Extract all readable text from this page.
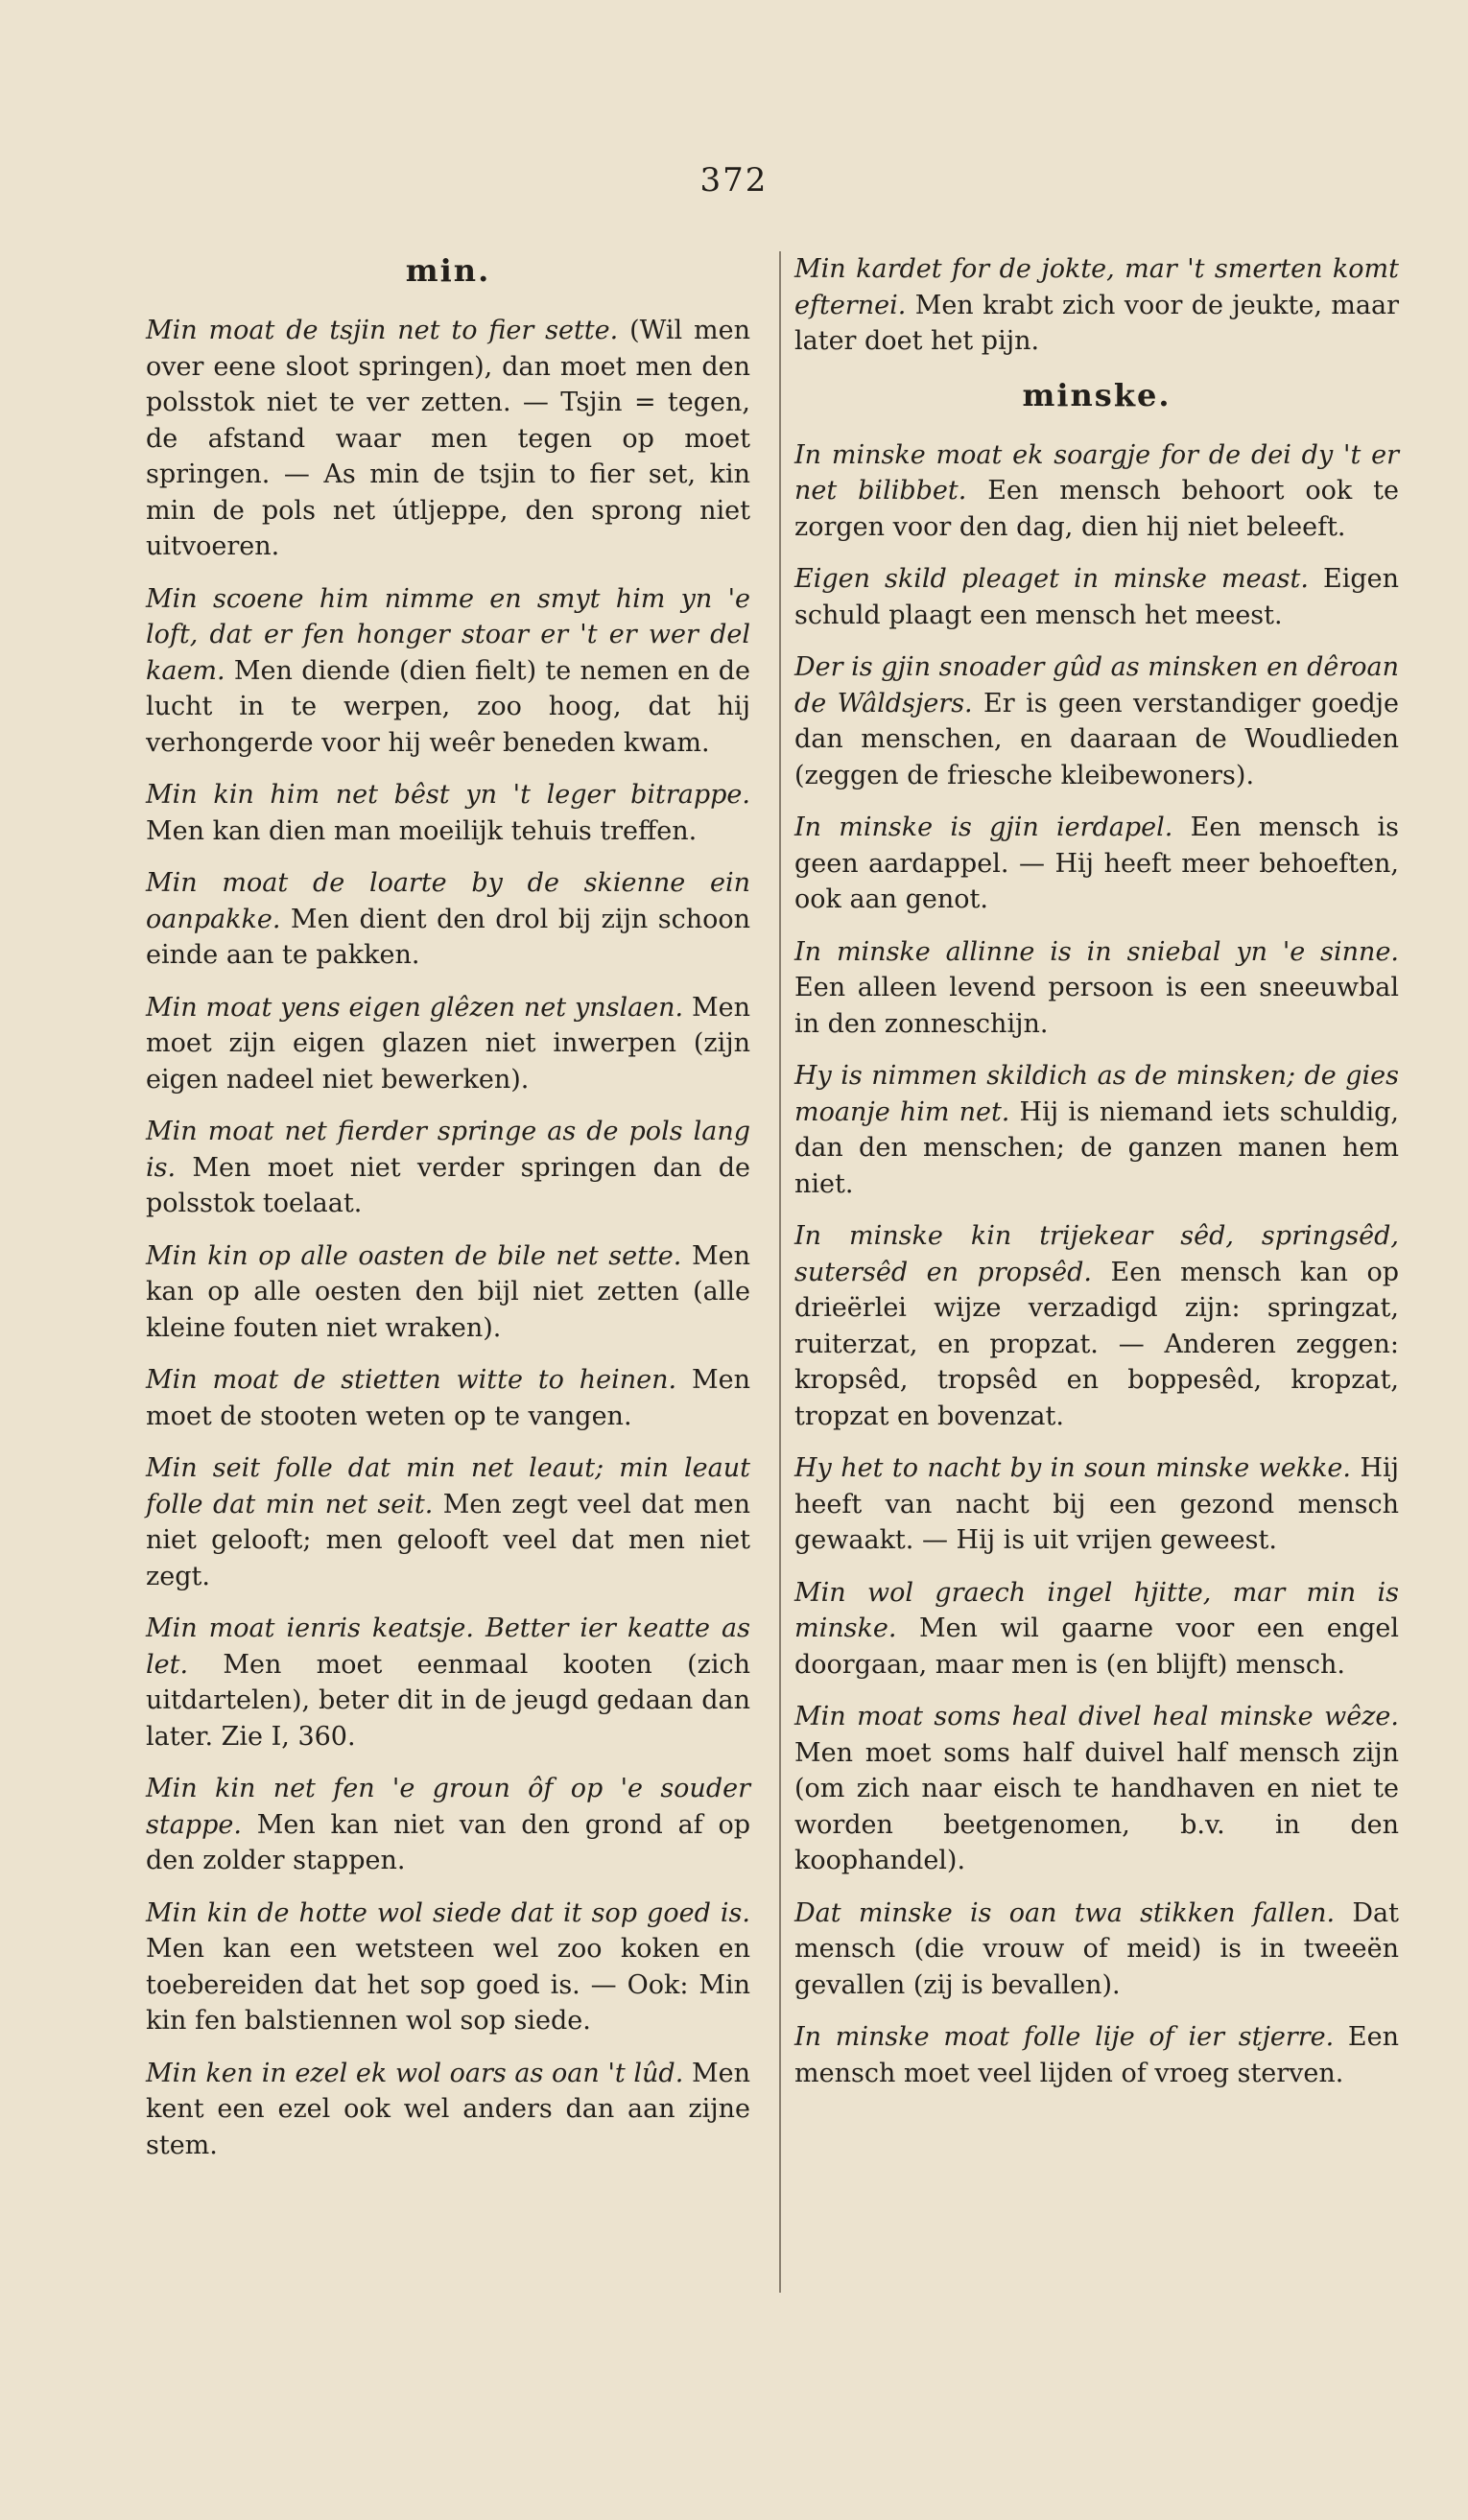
372
min.

Min moat de tsjin net to fier sette. (Wil men over eene sloot springen), dan moet men den polsstok niet te ver zetten. — Tsjin = tegen, de afstand waar men tegen op moet springen. — As min de tsjin to fier set, kin min de pols net útljeppe, den sprong niet uitvoeren.

Min scoene him nimme en smyt him yn 'e loft, dat er fen honger stoar er 't er wer del kaem. Men diende (dien fielt) te nemen en de lucht in te werpen, zoo hoog, dat hij verhongerde voor hij weêr beneden kwam.

Min kin him net bêst yn 't leger bitrappe. Men kan dien man moeilijk tehuis treffen.

Min moat de loarte by de skienne ein oanpakke. Men dient den drol bij zijn schoon einde aan te pakken.

Min moat yens eigen glêzen net ynslaen. Men moet zijn eigen glazen niet inwerpen (zijn eigen nadeel niet bewerken).

Min moat net fierder springe as de pols lang is. Men moet niet verder springen dan de polsstok toelaat.

Min kin op alle oasten de bile net sette. Men kan op alle oesten den bijl niet zetten (alle kleine fouten niet wraken).

Min moat de stietten witte to heinen. Men moet de stooten weten op te vangen.

Min seit folle dat min net leaut; min leaut folle dat min net seit. Men zegt veel dat men niet gelooft; men gelooft veel dat men niet zegt.

Min moat ienris keatsje. Better ier keatte as let. Men moet eenmaal kooten (zich uitdartelen), beter dit in de jeugd gedaan dan later. Zie I, 360.

Min kin net fen 'e groun ôf op 'e souder stappe. Men kan niet van den grond af op den zolder stappen.

Min kin de hotte wol siede dat it sop goed is. Men kan een wetsteen wel zoo koken en toebereiden dat het sop goed is. — Ook: Min kin fen balstiennen wol sop siede.

Min ken in ezel ek wol oars as oan 't lûd. Men kent een ezel ook wel anders dan aan zijne stem.

Min kardet for de jokte, mar 't smerten komt efternei. Men krabt zich voor de jeukte, maar later doet het pijn.

minske.

In minske moat ek soargje for de dei dy 't er net bilibbet. Een mensch behoort ook te zorgen voor den dag, dien hij niet beleeft.

Eigen skild pleaget in minske meast. Eigen schuld plaagt een mensch het meest.

Der is gjin snoader gûd as minsken en dêroan de Wâldsjers. Er is geen verstandiger goedje dan menschen, en daaraan de Woudlieden (zeggen de friesche kleibewoners).

In minske is gjin ierdapel. Een mensch is geen aardappel. — Hij heeft meer behoeften, ook aan genot.

In minske allinne is in sniebal yn 'e sinne. Een alleen levend persoon is een sneeuwbal in den zonneschijn.

Hy is nimmen skildich as de minsken; de gies moanje him net. Hij is niemand iets schuldig, dan den menschen; de ganzen manen hem niet.

In minske kin trijekear sêd, springsêd, sutersêd en propsêd. Een mensch kan op drieërlei wijze verzadigd zijn: springzat, ruiterzat, en propzat. — Anderen zeggen: kropsêd, tropsêd en boppesêd, kropzat, tropzat en bovenzat.

Hy het to nacht by in soun minske wekke. Hij heeft van nacht bij een gezond mensch gewaakt. — Hij is uit vrijen geweest.

Min wol graech ingel hjitte, mar min is minske. Men wil gaarne voor een engel doorgaan, maar men is (en blijft) mensch.

Min moat soms heal divel heal minske wêze. Men moet soms half duivel half mensch zijn (om zich naar eisch te handhaven en niet te worden beetgenomen, b.v. in den koophandel).

Dat minske is oan twa stikken fallen. Dat mensch (die vrouw of meid) is in tweeën gevallen (zij is bevallen).

In minske moat folle lije of ier stjerre. Een mensch moet veel lijden of vroeg sterven.
